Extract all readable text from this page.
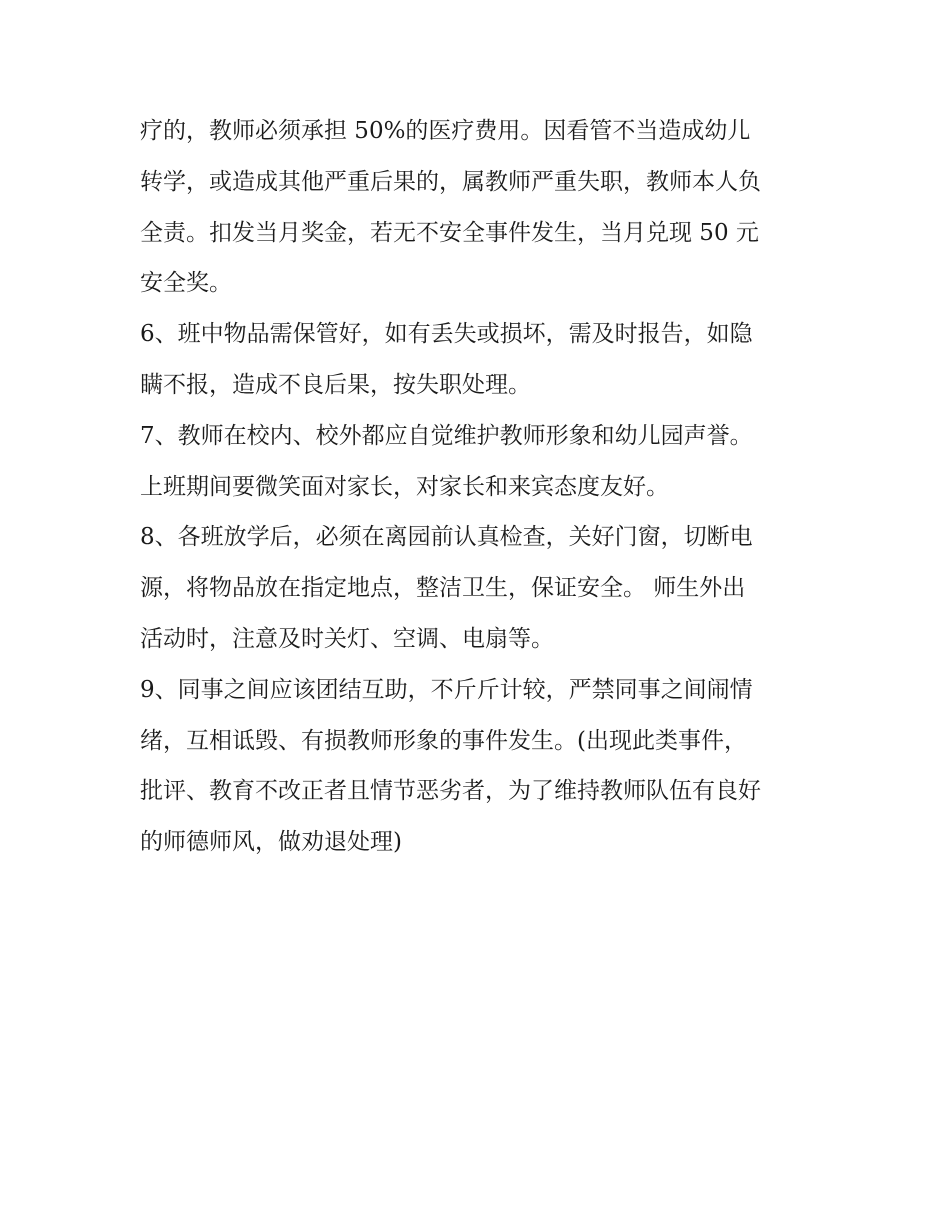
疗的，教师必须承担 50%的医疗费用。因看管不当造成幼儿
转学，或造成其他严重后果的，属教师严重失职，教师本人负
全责。扣发当月奖金，若无不安全事件发生，当月兑现 50 元
安全奖。
6、班中物品需保管好，如有丢失或损坏，需及时报告，如隐
瞒不报，造成不良后果，按失职处理。
7、教师在校内、校外都应自觉维护教师形象和幼儿园声誉。
上班期间要微笑面对家长，对家长和来宾态度友好。
8、各班放学后，必须在离园前认真检查，关好门窗，切断电
源，将物品放在指定地点，整洁卫生，保证安全。 师生外出
活动时，注意及时关灯、空调、电扇等。
9、同事之间应该团结互助，不斤斤计较，严禁同事之间闹情
绪，互相诋毁、有损教师形象的事件发生。(出现此类事件，
批评、教育不改正者且情节恶劣者，为了维持教师队伍有良好
的师德师风，做劝退处理)
